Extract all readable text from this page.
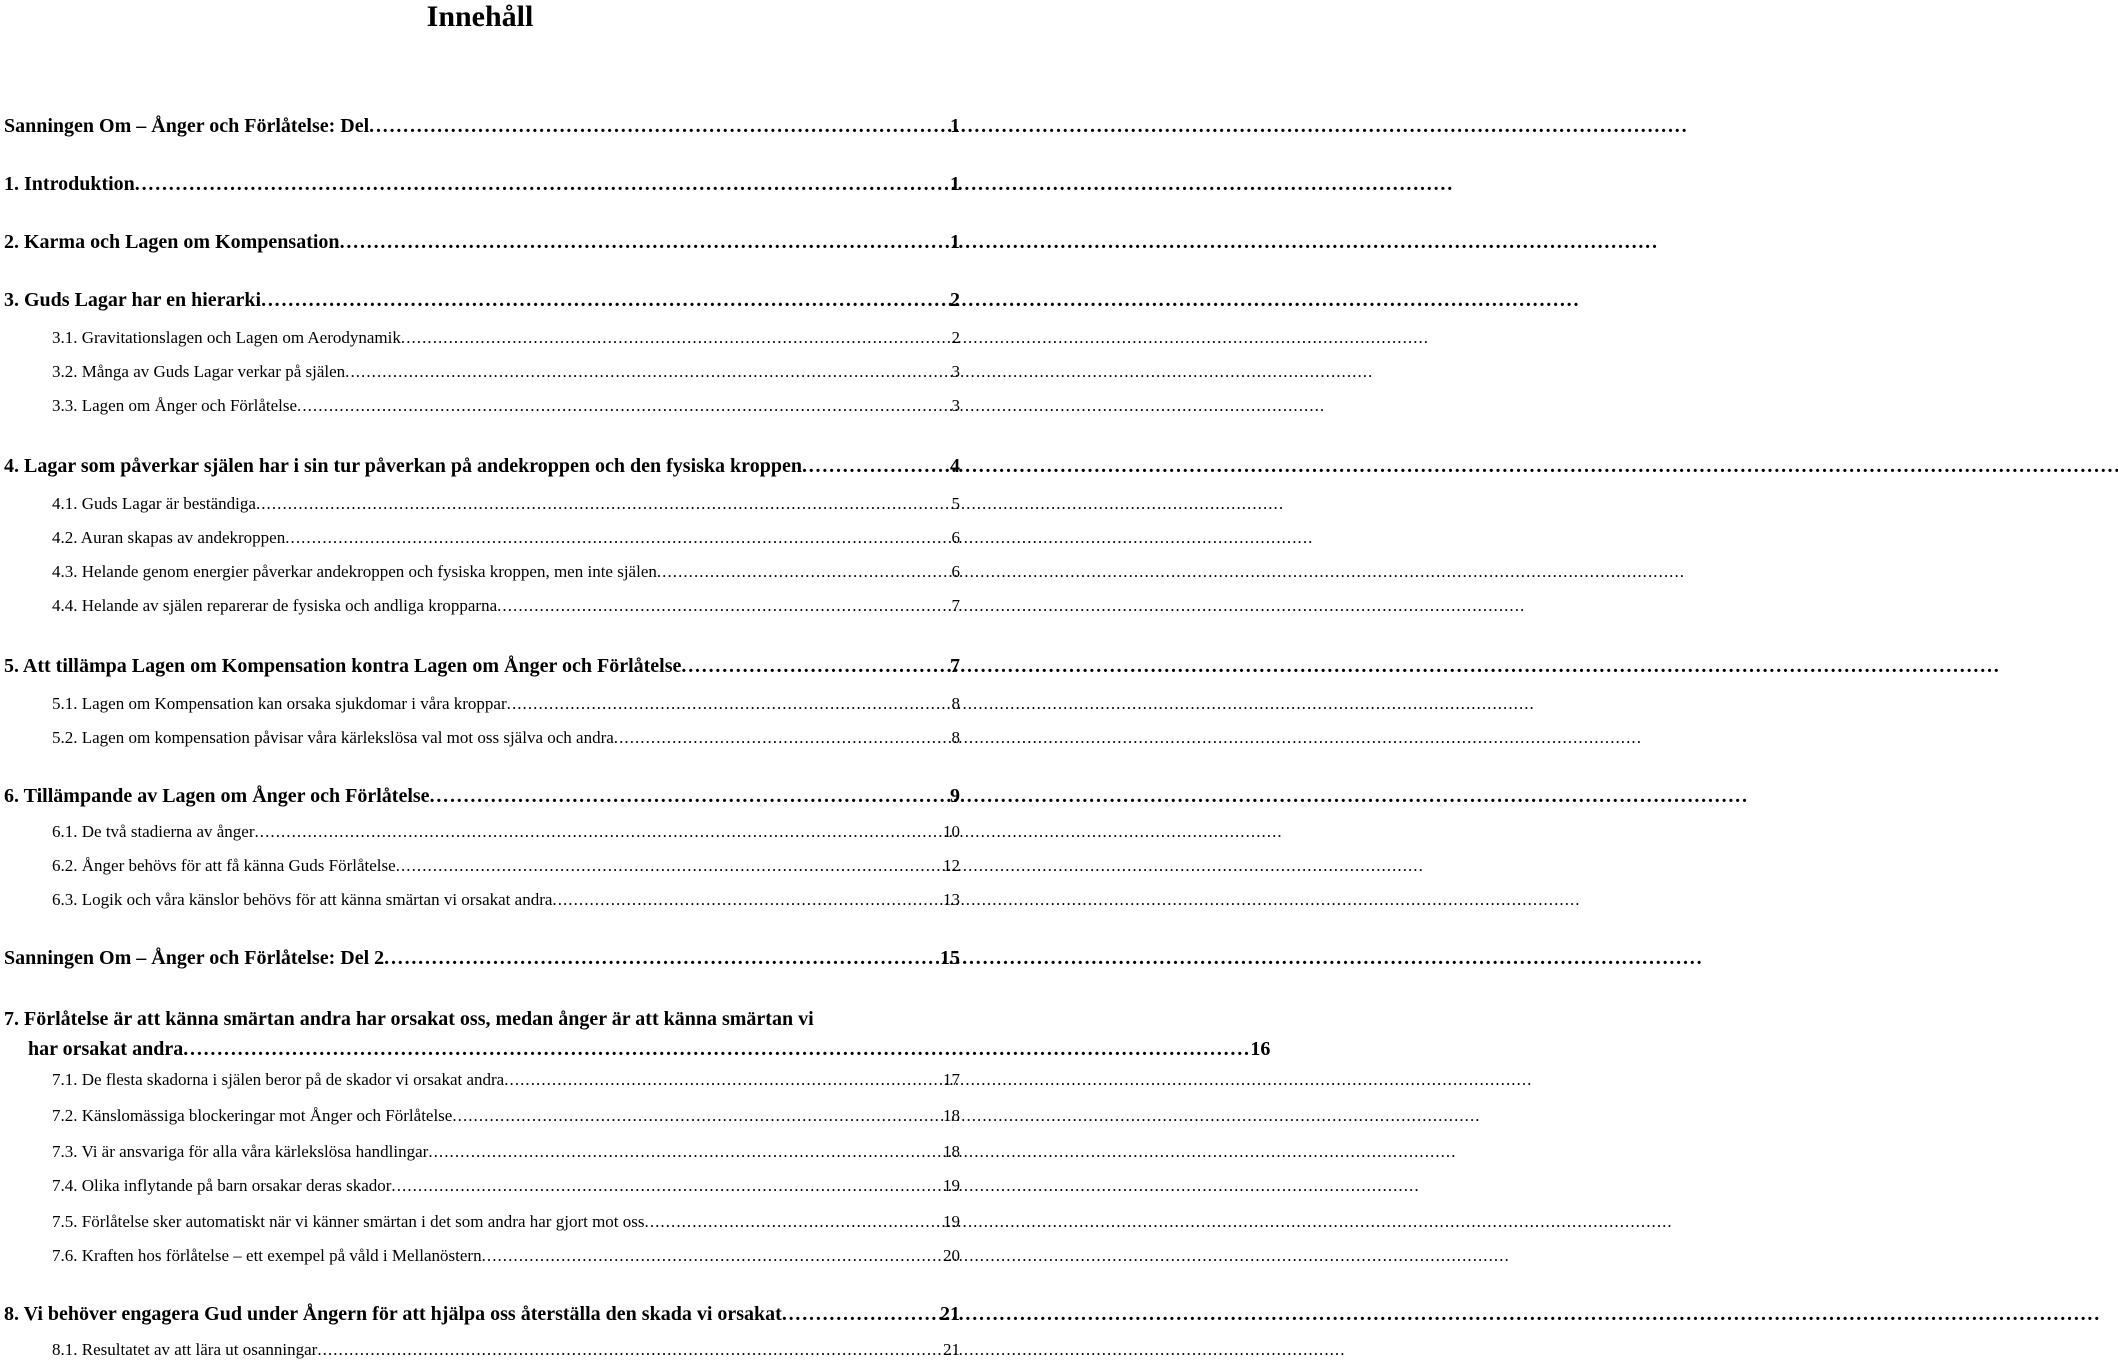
Innehåll
Sanningen Om – Ånger och Förlåtelse: Del . . .	1
1. Introduktion . . .	1
2. Karma och Lagen om Kompensation . . .	1
3. Guds Lagar har en hierarki . . .	2
3.1. Gravitationslagen och Lagen om Aerodynamik . . .	2
3.2. Många av Guds Lagar verkar på själen . . .	3
3.3. Lagen om Ånger och Förlåtelse . . .	3
4. Lagar som påverkar själen har i sin tur påverkan på andekroppen och den fysiska kroppen . . .	4
4.1. Guds Lagar är beständiga . . .	5
4.2. Auran skapas av andekroppen . . .	6
4.3. Helande genom energier påverkar andekroppen och fysiska kroppen, men inte själen . . .	6
4.4. Helande av själen reparerar de fysiska och andliga kropparna . . .	7
5. Att tillämpa Lagen om Kompensation kontra Lagen om Ånger och Förlåtelse . . .	7
5.1. Lagen om Kompensation kan orsaka sjukdomar i våra kroppar . . .	8
5.2. Lagen om kompensation påvisar våra kärlekslösa val mot oss själva och andra . . .	8
6. Tillämpande av Lagen om Ånger och Förlåtelse . . .	9
6.1. De två stadierna av ånger . . .	10
6.2. Ånger behövs för att få känna Guds Förlåtelse . . .	12
6.3. Logik och våra känslor behövs för att känna smärtan vi orsakat andra . . .	13
Sanningen Om – Ånger och Förlåtelse: Del 2 . . .	15
7. Förlåtelse är att känna smärtan andra har orsakat oss, medan ånger är att känna smärtan vi
har orsakat andra . . .	16
7.1. De flesta skadorna i själen beror på de skador vi orsakat andra . . .	17
7.2. Känslomässiga blockeringar mot Ånger och Förlåtelse . . .	18
7.3. Vi är ansvariga för alla våra kärlekslösa handlingar . . .	18
7.4. Olika inflytande på barn orsakar deras skador . . .	19
7.5. Förlåtelse sker automatiskt när vi känner smärtan i det som andra har gjort mot oss . . .	19
7.6. Kraften hos förlåtelse – ett exempel på våld i Mellanöstern . . .	20
8. Vi behöver engagera Gud under Ångern för att hjälpa oss återställa den skada vi orsakat . . .	21
8.1. Resultatet av att lära ut osanningar . . .	21
